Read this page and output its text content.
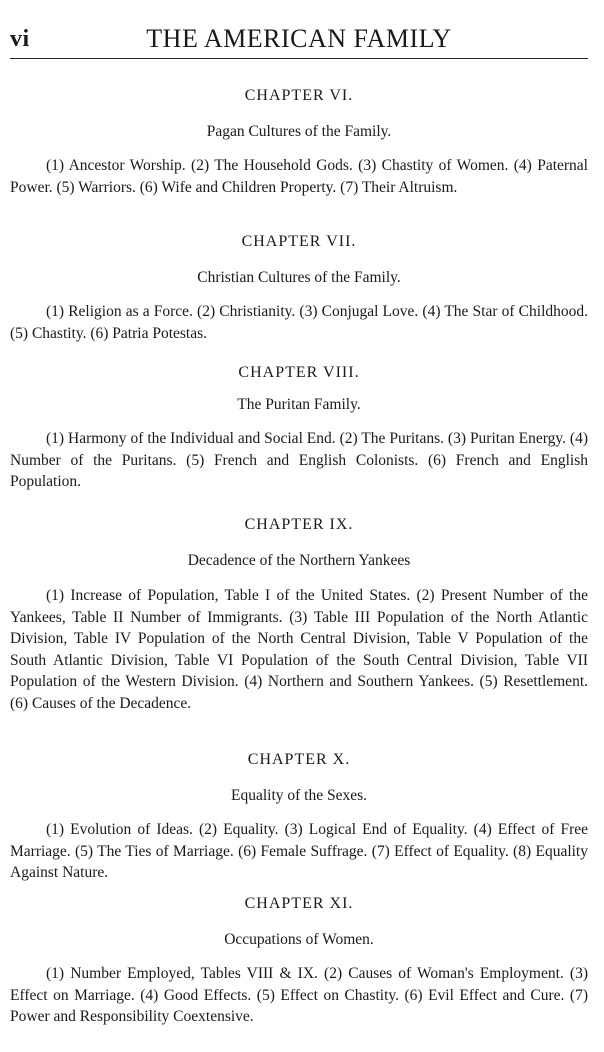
vi	THE AMERICAN FAMILY

CHAPTER VI.

Pagan Cultures of the Family.

(1) Ancestor Worship. (2) The Household Gods. (3) Chastity of Women. (4) Paternal Power. (5) Warriors. (6) Wife and Children Property. (7) Their Altruism.

CHAPTER VII.

Christian Cultures of the Family.

(1) Religion as a Force. (2) Christianity. (3) Conjugal Love. (4) The Star of Childhood. (5) Chastity. (6) Patria Potestas.

CHAPTER VIII.

The Puritan Family.

(1) Harmony of the Individual and Social End. (2) The Puritans. (3) Puritan Energy. (4) Number of the Puritans. (5) French and English Colonists. (6) French and English Population.

CHAPTER IX.

Decadence of the Northern Yankees

(1) Increase of Population, Table I of the United States. (2) Present Number of the Yankees, Table II Number of Immigrants. (3) Table III Population of the North Atlantic Division, Table IV Population of the North Central Division, Table V Population of the South Atlantic Division, Table VI Population of the South Central Division, Table VII Population of the Western Division. (4) Northern and Southern Yankees. (5) Resettlement. (6) Causes of the Decadence.

CHAPTER X.

Equality of the Sexes.

(1) Evolution of Ideas. (2) Equality. (3) Logical End of Equality. (4) Effect of Free Marriage. (5) The Ties of Marriage. (6) Female Suffrage. (7) Effect of Equality. (8) Equality Against Nature.

CHAPTER XI.

Occupations of Women.

(1) Number Employed, Tables VIII & IX. (2) Causes of Woman's Employment. (3) Effect on Marriage. (4) Good Effects. (5) Effect on Chastity. (6) Evil Effect and Cure. (7) Power and Responsibility Coextensive.
